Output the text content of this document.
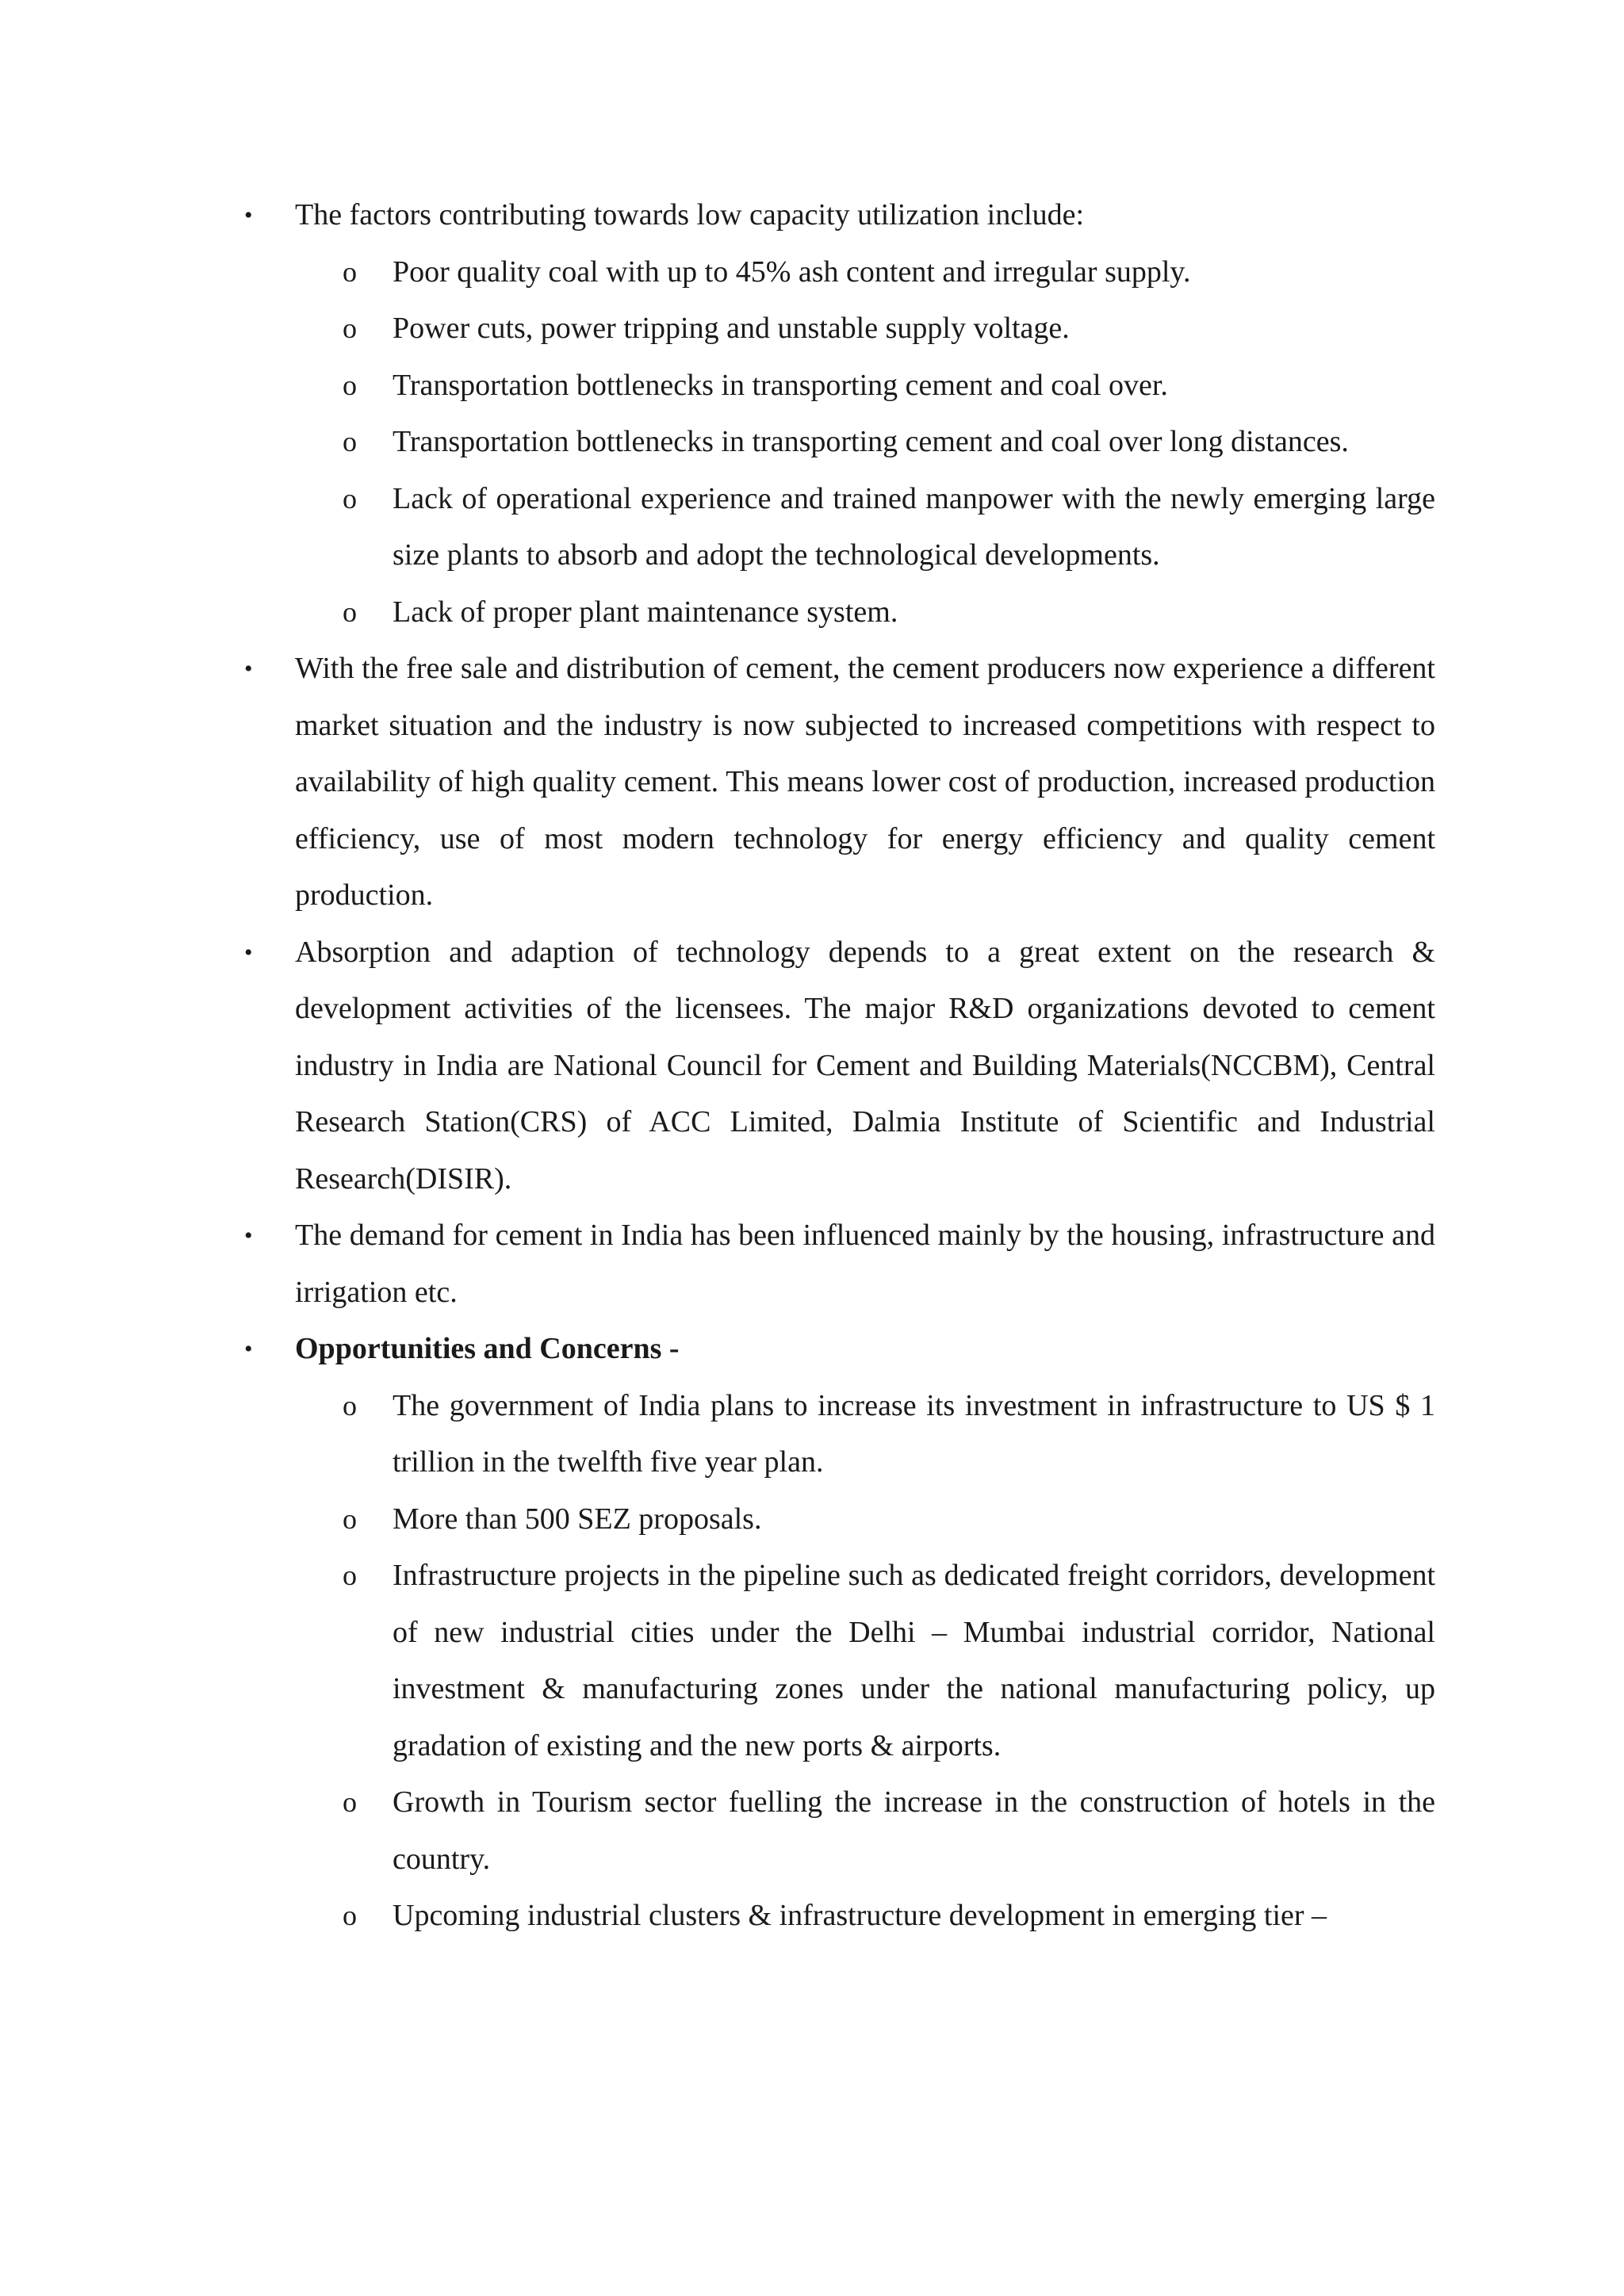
• The factors contributing towards low capacity utilization include:
o Poor quality coal with up to 45% ash content and irregular supply.
o Power cuts, power tripping and unstable supply voltage.
o Transportation bottlenecks in transporting cement and coal over.
o Transportation bottlenecks in transporting cement and coal over long distances.
o Lack of operational experience and trained manpower with the newly emerging large size plants to absorb and adopt the technological developments.
o Lack of proper plant maintenance system.
• With the free sale and distribution of cement, the cement producers now experience a different market situation and the industry is now subjected to increased competitions with respect to availability of high quality cement. This means lower cost of production, increased production efficiency, use of most modern technology for energy efficiency and quality cement production.
• Absorption and adaption of technology depends to a great extent on the research & development activities of the licensees. The major R&D organizations devoted to cement industry in India are National Council for Cement and Building Materials(NCCBM), Central Research Station(CRS) of ACC Limited, Dalmia Institute of Scientific and Industrial Research(DISIR).
• The demand for cement in India has been influenced mainly by the housing, infrastructure and irrigation etc.
• Opportunities and Concerns -
o The government of India plans to increase its investment in infrastructure to US $ 1 trillion in the twelfth five year plan.
o More than 500 SEZ proposals.
o Infrastructure projects in the pipeline such as dedicated freight corridors, development of new industrial cities under the Delhi – Mumbai industrial corridor, National investment & manufacturing zones under the national manufacturing policy, up gradation of existing and the new ports & airports.
o Growth in Tourism sector fuelling the increase in the construction of hotels in the country.
o Upcoming industrial clusters & infrastructure development in emerging tier –
